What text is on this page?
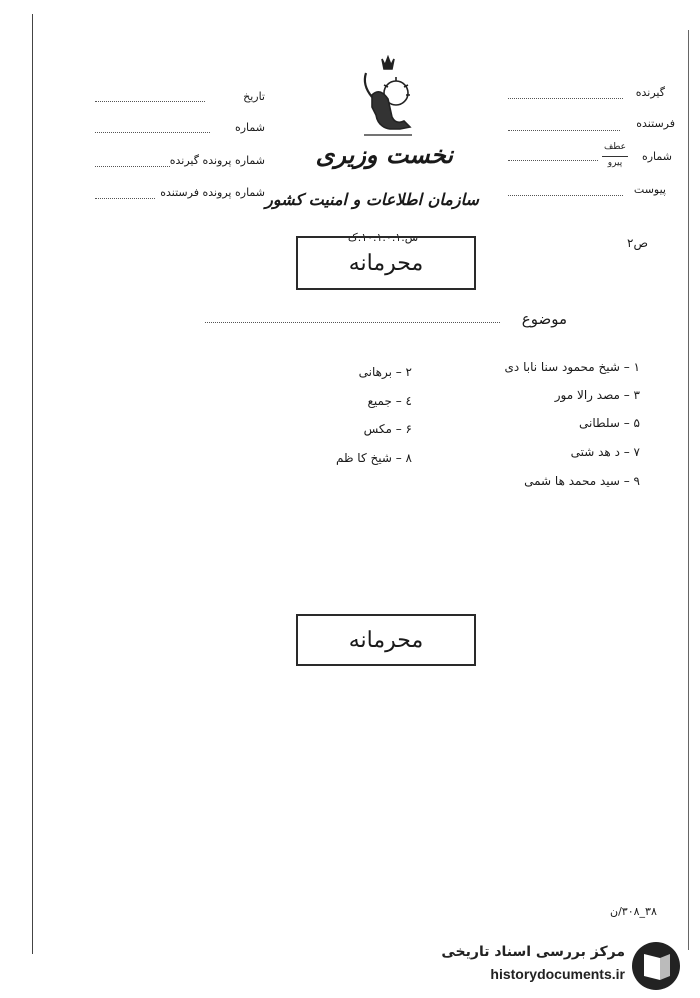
تاریخ
شماره
شماره پرونده گیرنده
شماره پرونده فرستنده
گیرنده
فرستنده
شماره
عطف
پیرو
پیوست
ص۲
نخست وزیری
سازمان اطلاعات و امنیت کشور
س.۱۰.۱.۰.۱.ک
محرمانه
موضوع
۱ – شیخ محمود سنا نابا دی
۳ – مصد رالا مور
۵ – سلطانی
۷ – د هد شتی
۹ – سید محمد ها شمی
۲ – برهانی
٤ – جمیع
۶ – مکس
۸ – شیخ کا ظم
محرمانه
۳۸_۳۰۸/ن
مرکز بررسی اسناد تاریخی
historydocuments.ir
